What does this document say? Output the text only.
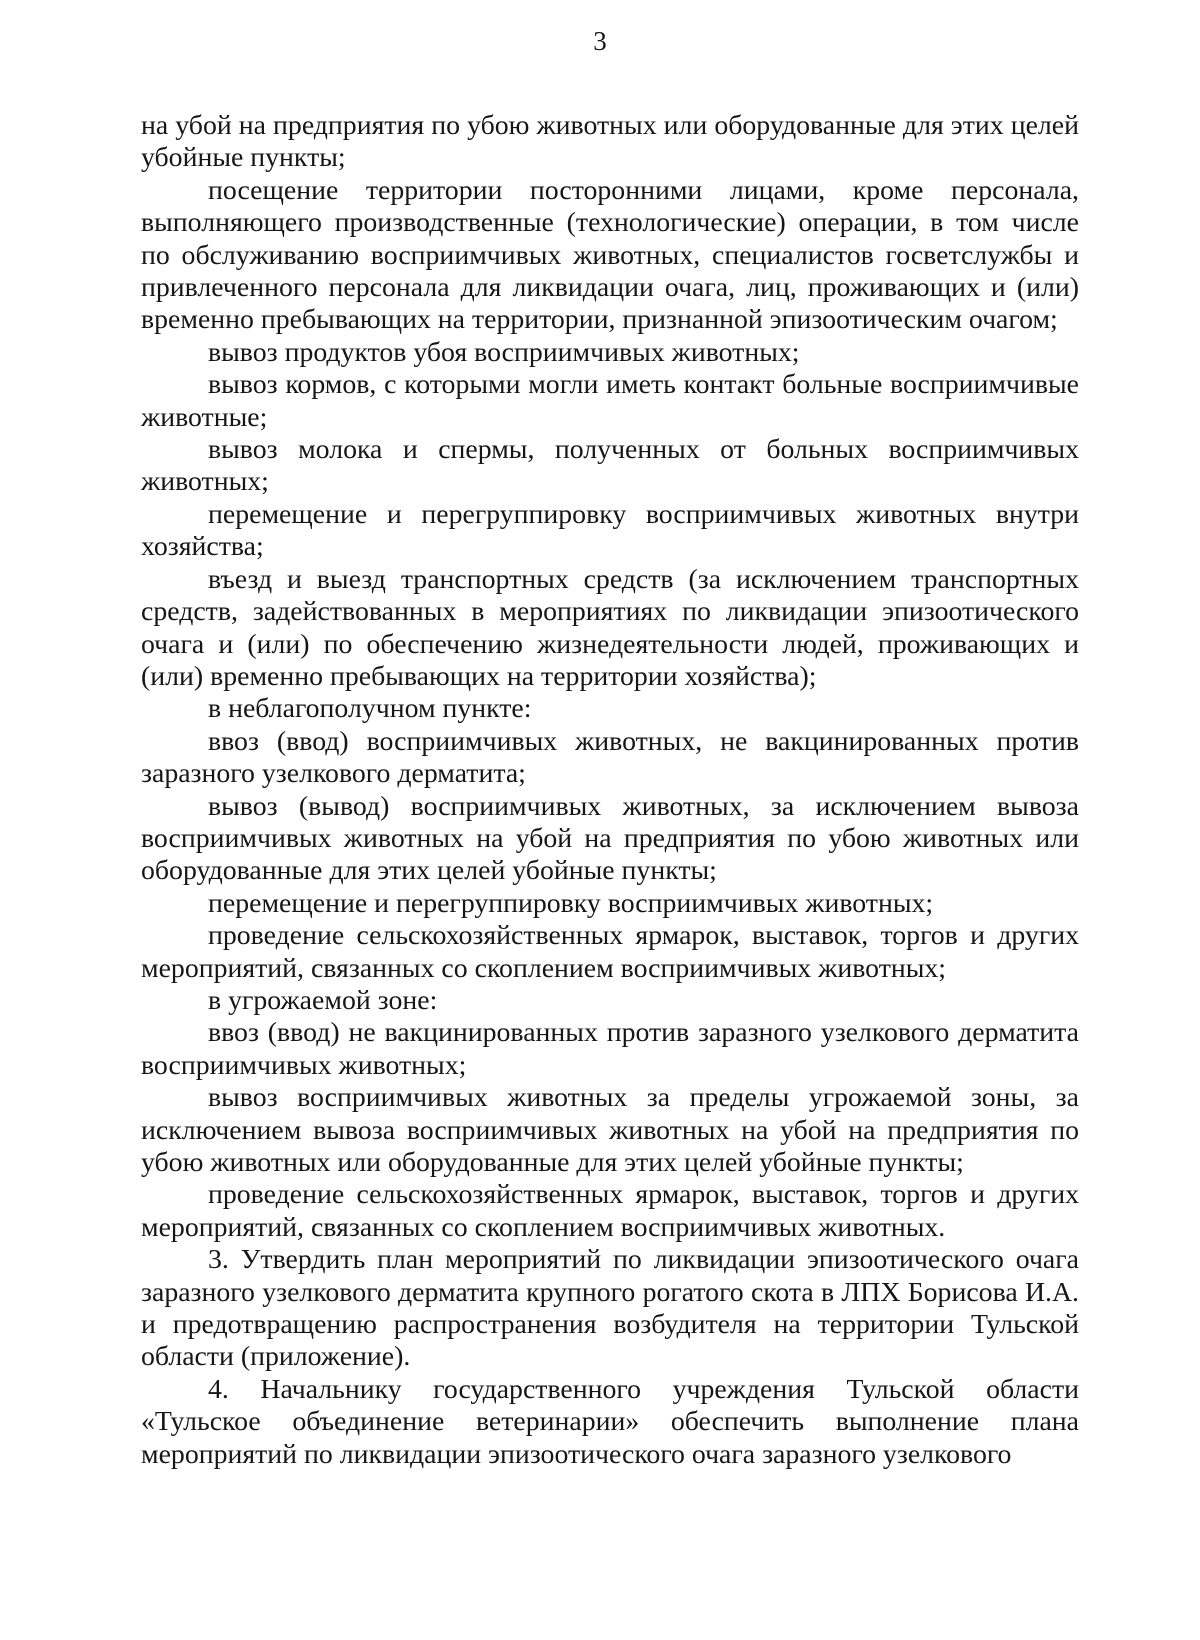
3

на убой на предприятия по убою животных или оборудованные для этих целей убойные пункты;

посещение территории посторонними лицами, кроме персонала, выполняющего производственные (технологические) операции, в том числе по обслуживанию восприимчивых животных, специалистов госветслужбы и привлеченного персонала для ликвидации очага, лиц, проживающих и (или) временно пребывающих на территории, признанной эпизоотическим очагом;

вывоз продуктов убоя восприимчивых животных;

вывоз кормов, с которыми могли иметь контакт больные восприимчивые животные;

вывоз молока и спермы, полученных от больных восприимчивых животных;

перемещение и перегруппировку восприимчивых животных внутри хозяйства;

въезд и выезд транспортных средств (за исключением транспортных средств, задействованных в мероприятиях по ликвидации эпизоотического очага и (или) по обеспечению жизнедеятельности людей, проживающих и (или) временно пребывающих на территории хозяйства);

в неблагополучном пункте:

ввоз (ввод) восприимчивых животных, не вакцинированных против заразного узелкового дерматита;

вывоз (вывод) восприимчивых животных, за исключением вывоза восприимчивых животных на убой на предприятия по убою животных или оборудованные для этих целей убойные пункты;

перемещение и перегруппировку восприимчивых животных;

проведение сельскохозяйственных ярмарок, выставок, торгов и других мероприятий, связанных со скоплением восприимчивых животных;

в угрожаемой зоне:

ввоз (ввод) не вакцинированных против заразного узелкового дерматита восприимчивых животных;

вывоз восприимчивых животных за пределы угрожаемой зоны, за исключением вывоза восприимчивых животных на убой на предприятия по убою животных или оборудованные для этих целей убойные пункты;

проведение сельскохозяйственных ярмарок, выставок, торгов и других мероприятий, связанных со скоплением восприимчивых животных.

3. Утвердить план мероприятий по ликвидации эпизоотического очага заразного узелкового дерматита крупного рогатого скота в ЛПХ Борисова И.А. и предотвращению распространения возбудителя на территории Тульской области (приложение).

4. Начальнику государственного учреждения Тульской области «Тульское объединение ветеринарии» обеспечить выполнение плана мероприятий по ликвидации эпизоотического очага заразного узелкового
